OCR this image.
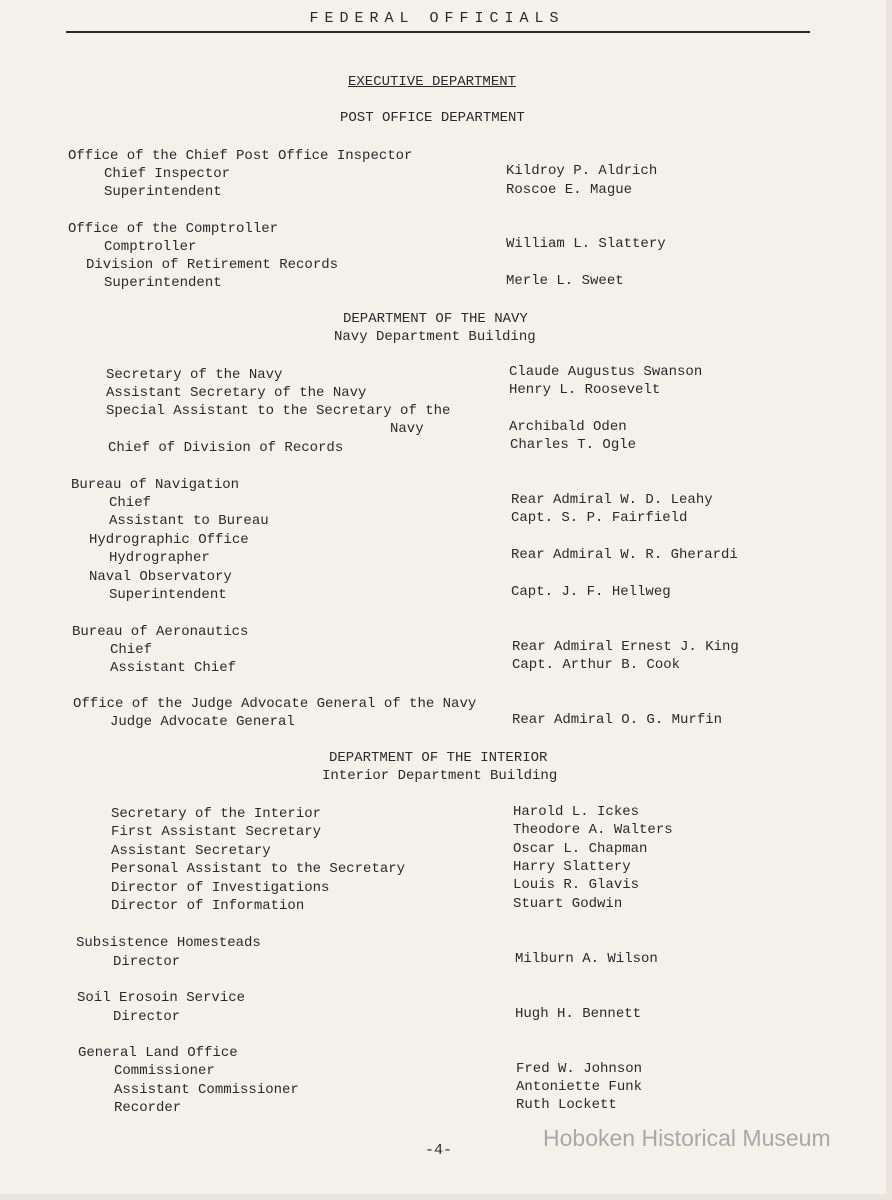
FEDERAL OFFICIALS
EXECUTIVE DEPARTMENT
POST OFFICE DEPARTMENT
Office of the Chief Post Office Inspector
Chief Inspector	Kildroy P. Aldrich
Superintendent	Roscoe E. Mague
Office of the Comptroller
Comptroller	William L. Slattery
Division of Retirement Records
Superintendent	Merle L. Sweet
DEPARTMENT OF THE NAVY
Navy Department Building
Secretary of the Navy	Claude Augustus Swanson
Assistant Secretary of the Navy	Henry L. Roosevelt
Special Assistant to the Secretary of the
Navy	Archibald Oden
Chief of Division of Records	Charles T. Ogle
Bureau of Navigation
Chief	Rear Admiral W. D. Leahy
Assistant to Bureau	Capt. S. P. Fairfield
Hydrographic Office
Hydrographer	Rear Admiral W. R. Gherardi
Naval Observatory
Superintendent	Capt. J. F. Hellweg
Bureau of Aeronautics
Chief	Rear Admiral Ernest J. King
Assistant Chief	Capt. Arthur B. Cook
Office of the Judge Advocate General of the Navy
Judge Advocate General	Rear Admiral O. G. Murfin
DEPARTMENT OF THE INTERIOR
Interior Department Building
Secretary of the Interior	Harold L. Ickes
First Assistant Secretary	Theodore A. Walters
Assistant Secretary	Oscar L. Chapman
Personal Assistant to the Secretary	Harry Slattery
Director of Investigations	Louis R. Glavis
Director of Information	Stuart Godwin
Subsistence Homesteads
Director	Milburn A. Wilson
Soil Erosoin Service
Director	Hugh H. Bennett
General Land Office
Commissioner	Fred W. Johnson
Assistant Commissioner	Antoniette Funk
Recorder	Ruth Lockett
-4-	Hoboken Historical Museum
